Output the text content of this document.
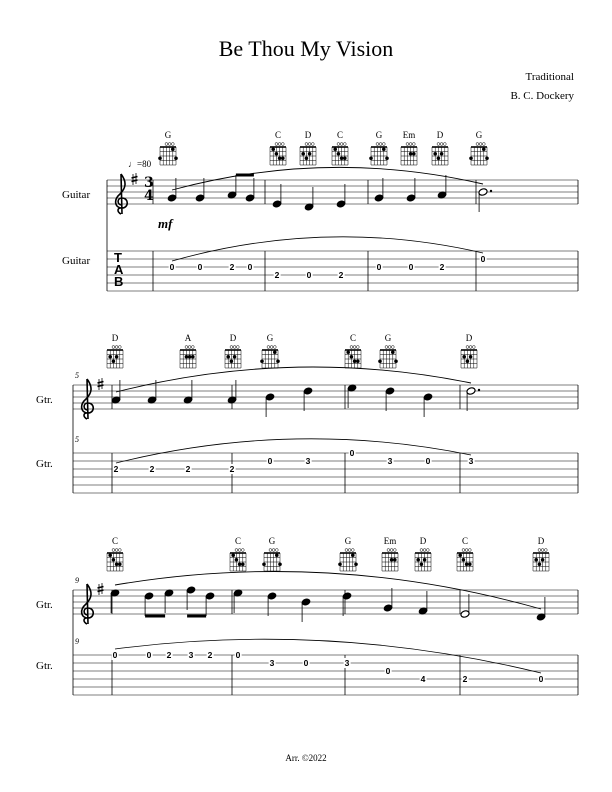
Be Thou My Vision
Traditional
B. C. Dockery
Arr. ©2022
♩=80
mf
Guitar
Guitar
3
4
T
A
B
G	C	D	C	G Em D	G
0	0	2 0
2	0	2
0	0	2
0
Gtr.
Gtr.
5
5
D	A	D	G	C	G	D
2	2	2	2
0	3
0
3	0	3
Gtr.
Gtr.
9
9
C	C	G	G	Em	D	C	D
0	0 2 3 2	0
3	0	3
0
4	2	0
